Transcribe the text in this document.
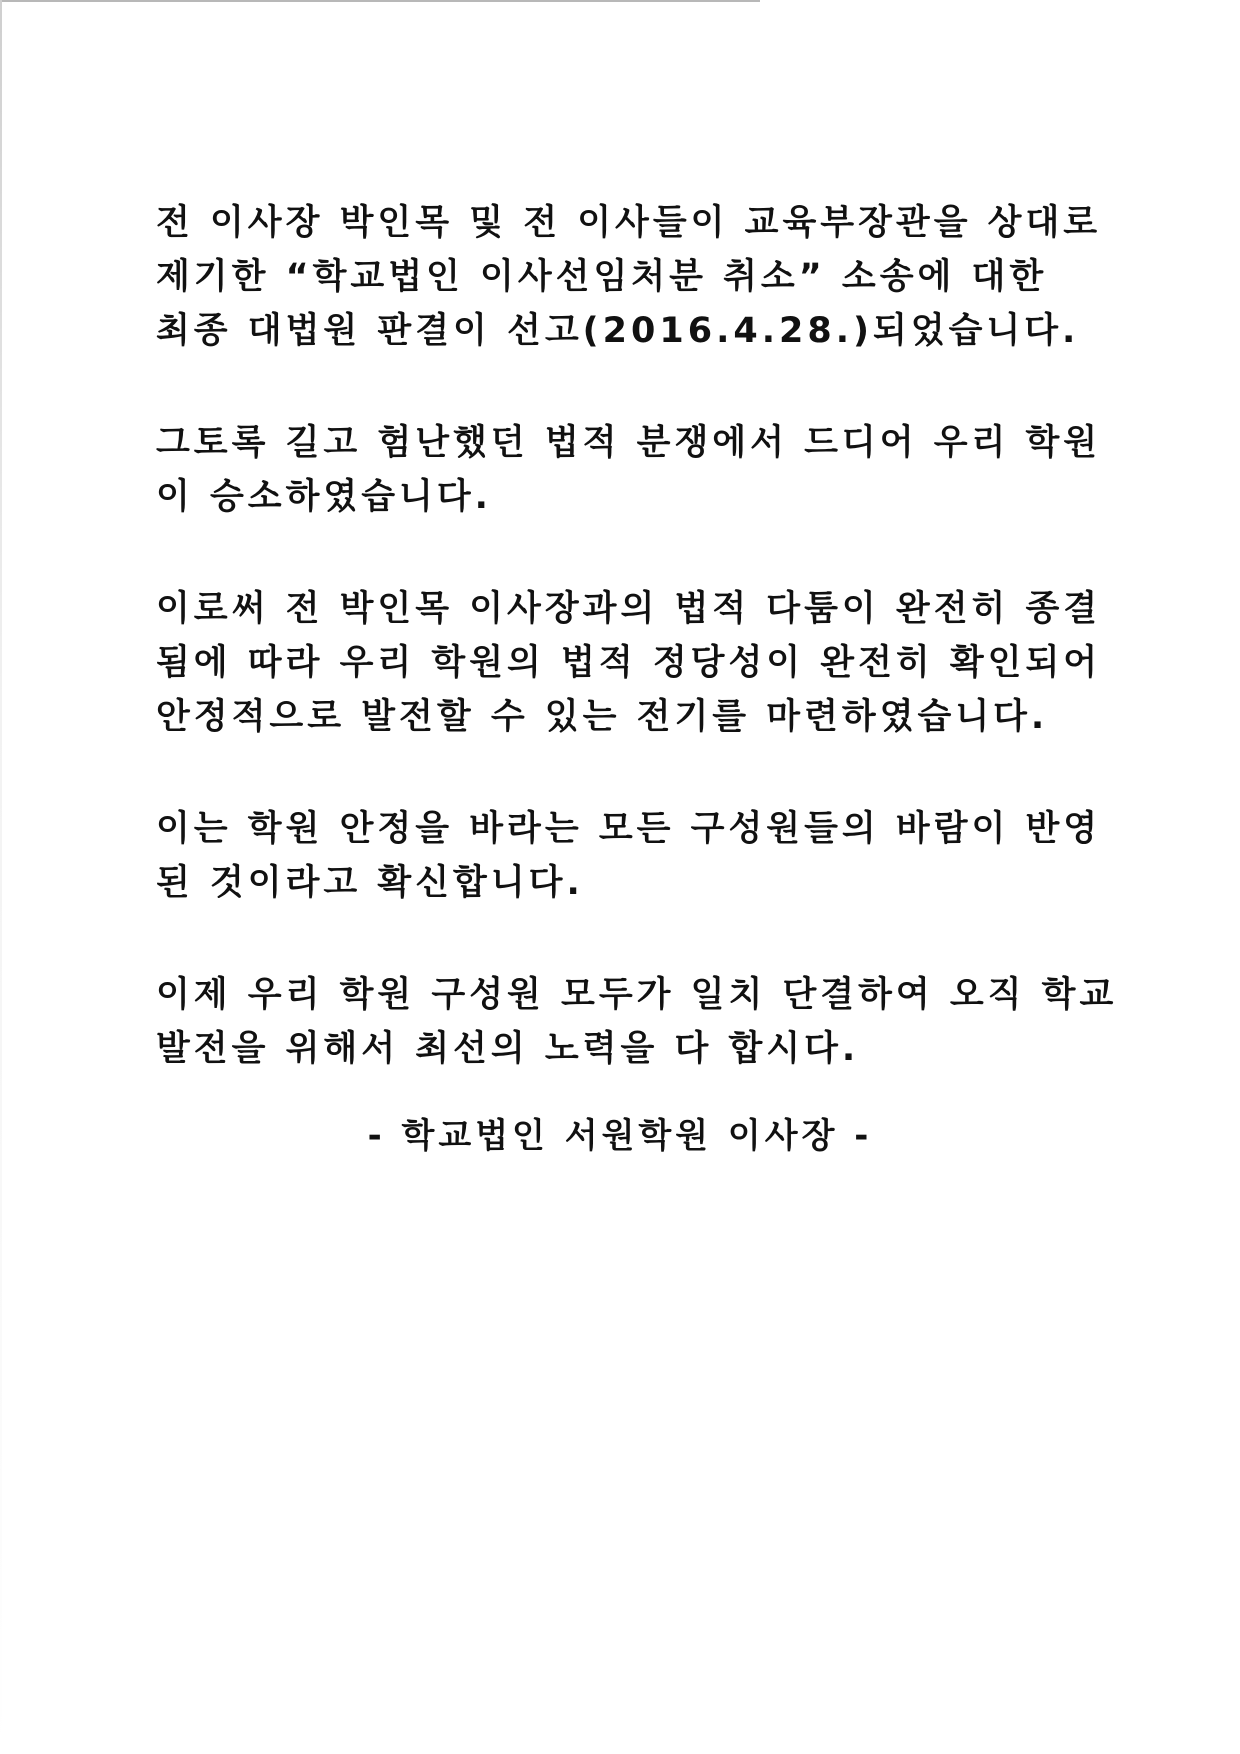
전 이사장 박인목 및 전 이사들이 교육부장관을 상대로
제기한 “학교법인 이사선임처분 취소” 소송에 대한
최종 대법원 판결이 선고(2016.4.28.)되었습니다.
그토록 길고 험난했던 법적 분쟁에서 드디어 우리 학원
이 승소하였습니다.
이로써 전 박인목 이사장과의 법적 다툼이 완전히 종결
됨에 따라 우리 학원의 법적 정당성이 완전히 확인되어
안정적으로 발전할 수 있는 전기를 마련하였습니다.
이는 학원 안정을 바라는 모든 구성원들의 바람이 반영
된 것이라고 확신합니다.
이제 우리 학원 구성원 모두가 일치 단결하여 오직 학교
발전을 위해서 최선의 노력을 다 합시다.
- 학교법인 서원학원 이사장 -
